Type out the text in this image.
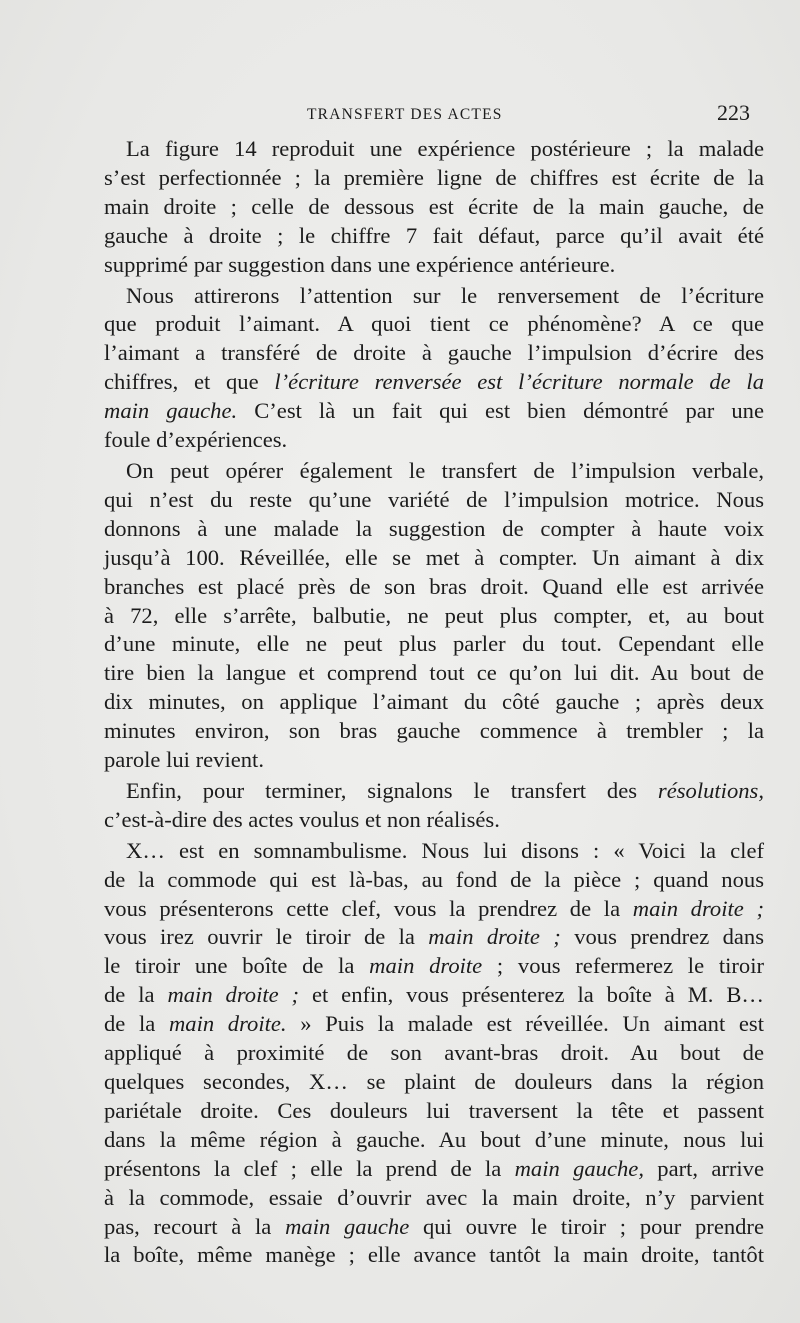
TRANSFERT DES ACTES	223
La figure 14 reproduit une expérience postérieure ; la malade
s’est perfectionnée ; la première ligne de chiffres est écrite de la
main droite ; celle de dessous est écrite de la main gauche, de
gauche à droite ; le chiffre 7 fait défaut, parce qu’il avait été
supprimé par suggestion dans une expérience antérieure.
Nous attirerons l’attention sur le renversement de l’écriture
que produit l’aimant. A quoi tient ce phénomène? A ce que
l’aimant a transféré de droite à gauche l’impulsion d’écrire des
chiffres, et que l’écriture renversée est l’écriture normale de la
main gauche. C’est là un fait qui est bien démontré par une
foule d’expériences.
On peut opérer également le transfert de l’impulsion verbale,
qui n’est du reste qu’une variété de l’impulsion motrice. Nous
donnons à une malade la suggestion de compter à haute voix
jusqu’à 100. Réveillée, elle se met à compter. Un aimant à dix
branches est placé près de son bras droit. Quand elle est arrivée
à 72, elle s’arrête, balbutie, ne peut plus compter, et, au bout
d’une minute, elle ne peut plus parler du tout. Cependant elle
tire bien la langue et comprend tout ce qu’on lui dit. Au bout de
dix minutes, on applique l’aimant du côté gauche ; après deux
minutes environ, son bras gauche commence à trembler ; la
parole lui revient.
Enfin, pour terminer, signalons le transfert des résolutions,
c’est-à-dire des actes voulus et non réalisés.
X… est en somnambulisme. Nous lui disons : « Voici la clef
de la commode qui est là-bas, au fond de la pièce ; quand nous
vous présenterons cette clef, vous la prendrez de la main droite ;
vous irez ouvrir le tiroir de la main droite ; vous prendrez dans
le tiroir une boîte de la main droite ; vous refermerez le tiroir
de la main droite ; et enfin, vous présenterez la boîte à M. B…
de la main droite. » Puis la malade est réveillée. Un aimant est
appliqué à proximité de son avant-bras droit. Au bout de
quelques secondes, X… se plaint de douleurs dans la région
pariétale droite. Ces douleurs lui traversent la tête et passent
dans la même région à gauche. Au bout d’une minute, nous lui
présentons la clef ; elle la prend de la main gauche, part, arrive
à la commode, essaie d’ouvrir avec la main droite, n’y parvient
pas, recourt à la main gauche qui ouvre le tiroir ; pour prendre
la boîte, même manège ; elle avance tantôt la main droite, tantôt
